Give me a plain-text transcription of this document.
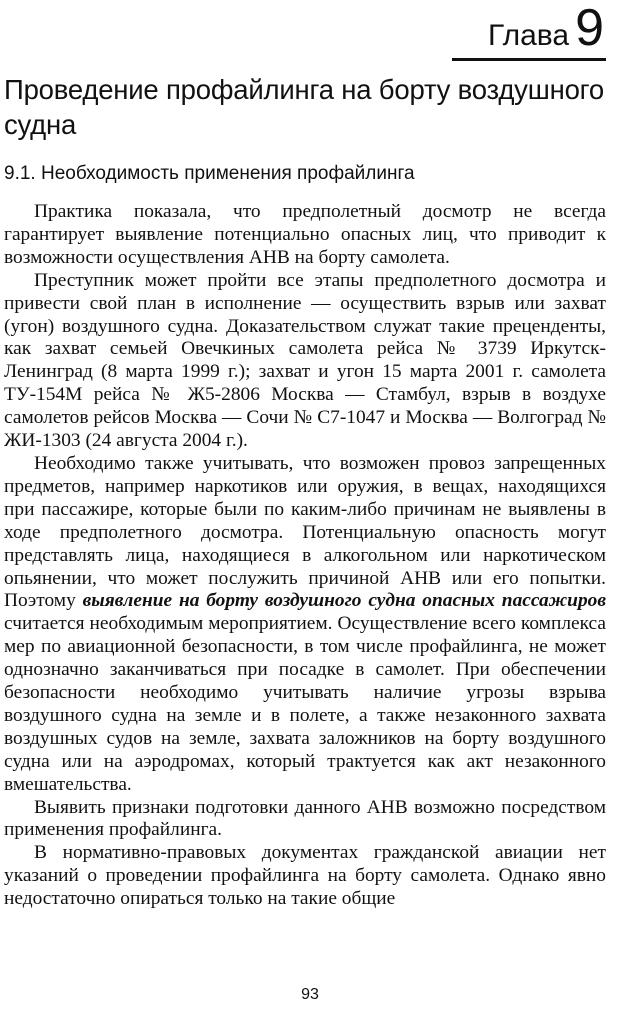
Глава 9
Проведение профайлинга на борту воздушного судна
9.1. Необходимость применения профайлинга

Практика показала, что предполетный досмотр не всегда гарантирует выявление потенциально опасных лиц, что приводит к возможности осуществления АНВ на борту самолета.

Преступник может пройти все этапы предполетного досмотра и привести свой план в исполнение — осуществить взрыв или захват (угон) воздушного судна. Доказательством служат такие преценденты, как захват семьей Овечкиных самолета рейса № 3739 Иркутск-Ленинград (8 марта 1999 г.); захват и угон 15 марта 2001 г. самолета ТУ-154М рейса № Ж5-2806 Москва — Стамбул, взрыв в воздухе самолетов рейсов Москва — Сочи № С7-1047 и Москва — Волгоград № ЖИ-1303 (24 августа 2004 г.).

Необходимо также учитывать, что возможен провоз запрещенных предметов, например наркотиков или оружия, в вещах, находящихся при пассажире, которые были по каким-либо причинам не выявлены в ходе предполетного досмотра. Потенциальную опасность могут представлять лица, находящиеся в алкогольном или наркотическом опьянении, что может послужить причиной АНВ или его попытки. Поэтому выявление на борту воздушного судна опасных пассажиров считается необходимым мероприятием. Осуществление всего комплекса мер по авиационной безопасности, в том числе профайлинга, не может однозначно заканчиваться при посадке в самолет. При обеспечении безопасности необходимо учитывать наличие угрозы взрыва воздушного судна на земле и в полете, а также незаконного захвата воздушных судов на земле, захвата заложников на борту воздушного судна или на аэродромах, который трактуется как акт незаконного вмешательства.

Выявить признаки подготовки данного АНВ возможно посредством применения профайлинга.

В нормативно-правовых документах гражданской авиации нет указаний о проведении профайлинга на борту самолета. Однако явно недостаточно опираться только на такие общие

93
